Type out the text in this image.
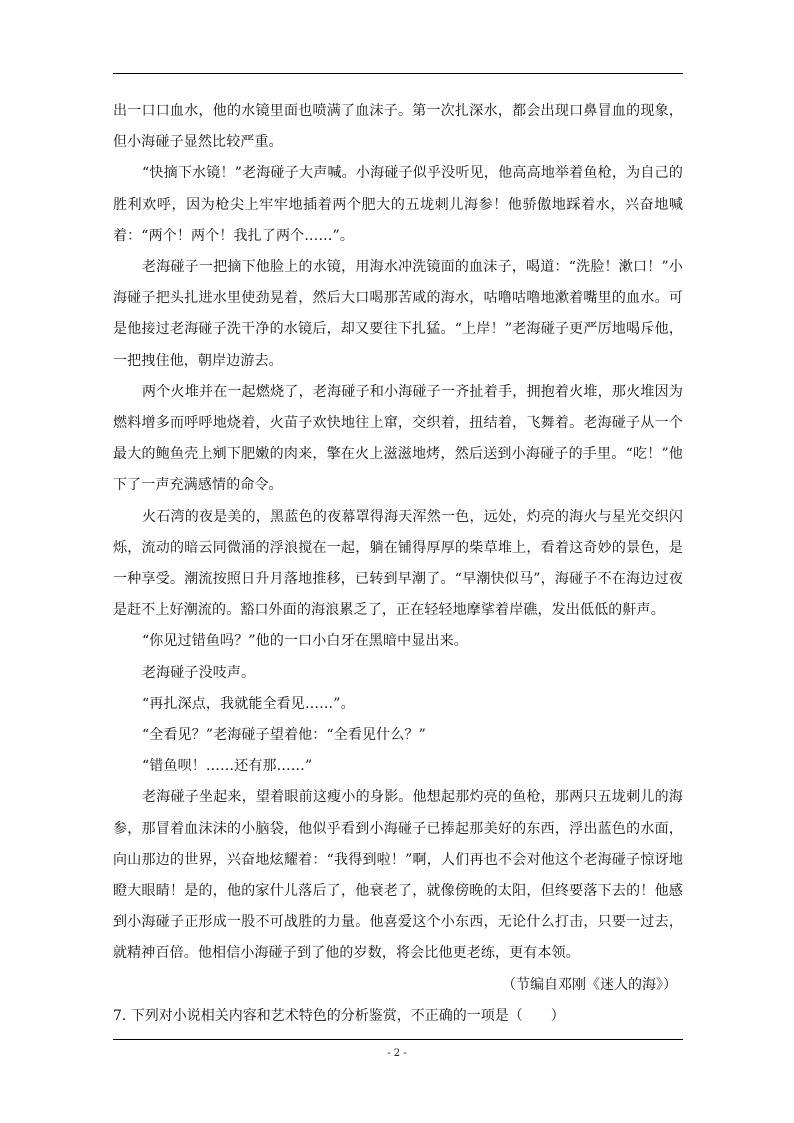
出一口口血水，他的水镜里面也喷满了血沫子。第一次扎深水，都会出现口鼻冒血的现象，但小海碰子显然比较严重。

“快摘下水镜！”老海碰子大声喊。小海碰子似乎没听见，他高高地举着鱼枪，为自己的胜利欢呼，因为枪尖上牢牢地插着两个肥大的五垅刺儿海参！他骄傲地踩着水，兴奋地喊着：“两个！两个！我扎了两个……”。

老海碰子一把摘下他脸上的水镜，用海水冲洗镜面的血沫子，喝道：“洗脸！漱口！”小海碰子把头扎进水里使劲晃着，然后大口喝那苦咸的海水，咕噜咕噜地漱着嘴里的血水。可是他接过老海碰子洗干净的水镜后，却又要往下扎猛。“上岸！”老海碰子更严厉地喝斥他，一把拽住他，朝岸边游去。

两个火堆并在一起燃烧了，老海碰子和小海碰子一齐扯着手，拥抱着火堆，那火堆因为燃料增多而呼呼地烧着，火苗子欢快地往上窜，交织着，扭结着，飞舞着。老海碰子从一个最大的鲍鱼壳上剜下肥嫩的肉来，擎在火上滋滋地烤，然后送到小海碰子的手里。“吃！”他下了一声充满感情的命令。

火石湾的夜是美的，黑蓝色的夜幕罩得海天浑然一色，远处，灼亮的海火与星光交织闪烁，流动的暗云同微涌的浮浪搅在一起，躺在铺得厚厚的柴草堆上，看着这奇妙的景色，是一种享受。潮流按照日升月落地推移，已转到早潮了。“早潮快似马”，海碰子不在海边过夜是赶不上好潮流的。豁口外面的海浪累乏了，正在轻轻地摩挲着岸礁，发出低低的鼾声。

“你见过错鱼吗？”他的一口小白牙在黑暗中显出来。

老海碰子没吱声。

“再扎深点，我就能全看见……”。

“全看见？”老海碰子望着他：“全看见什么？”

“错鱼呗！……还有那……”

老海碰子坐起来，望着眼前这瘦小的身影。他想起那灼亮的鱼枪，那两只五垅刺儿的海参，那冒着血沫沫的小脑袋，他似乎看到小海碰子已捧起那美好的东西，浮出蓝色的水面，向山那边的世界，兴奋地炫耀着：“我得到啦！”啊，人们再也不会对他这个老海碰子惊讶地瞪大眼睛！是的，他的家什儿落后了，他衰老了，就像傍晚的太阳，但终要落下去的！他感到小海碰子正形成一股不可战胜的力量。他喜爱这个小东西，无论什么打击，只要一过去，就精神百倍。他相信小海碰子到了他的岁数，将会比他更老练，更有本领。

（节编自邓刚《迷人的海》）

7. 下列对小说相关内容和艺术特色的分析鉴赏，不正确的一项是（　　）

- 2 -
